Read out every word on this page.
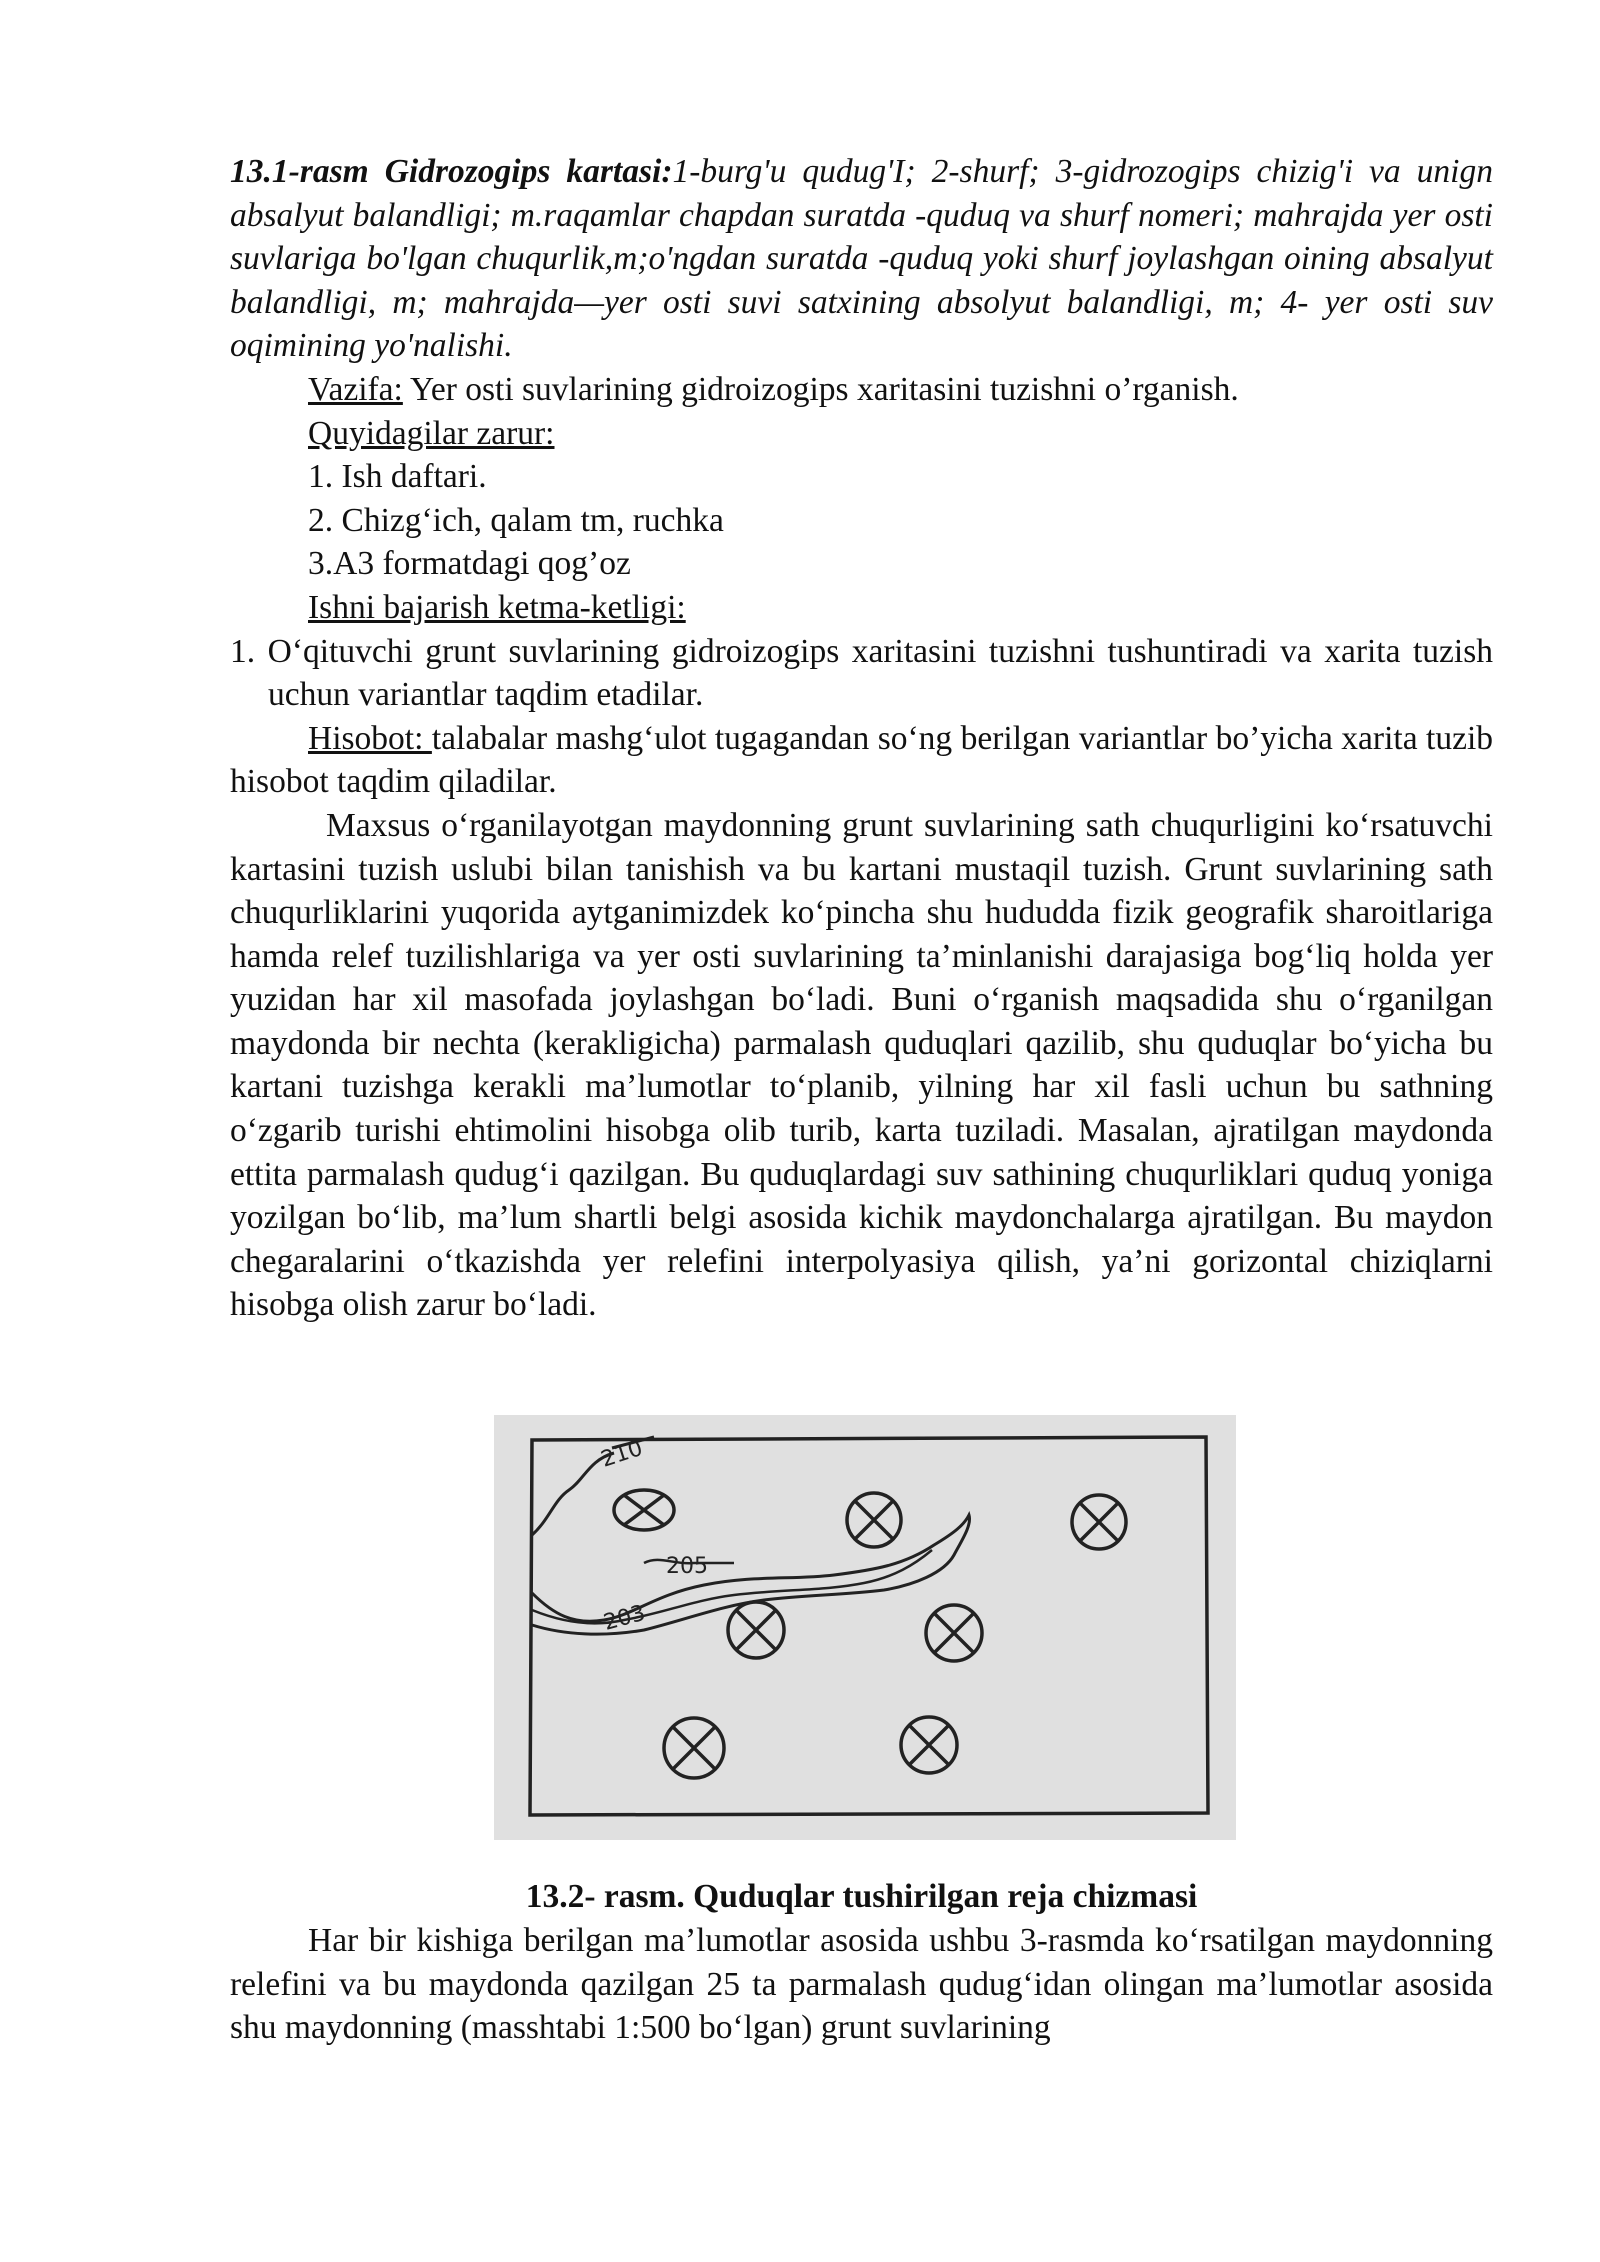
13.1-rasm Gidrozogips kartasi:1-burg'u qudug'I; 2-shurf; 3-gidrozogips chizig'i va unign absalyut balandligi; m.raqamlar chapdan suratda -quduq va shurf nomeri; mahrajda yer osti suvlariga bo'lgan chuqurlik,m;o'ngdan suratda -quduq yoki shurf joylashgan oining absalyut balandligi, m; mahrajda—yer osti suvi satxining absolyut balandligi, m; 4- yer osti suv oqimining yo'nalishi.

Vazifa: Yer osti suvlarining gidroizogips xaritasini tuzishni o’rganish.

Quyidagilar zarur:

1. Ish daftari.

2. Chizg‘ich, qalam tm, ruchka

3.A3 formatdagi qog’oz

Ishni bajarish ketma-ketligi:

1. O‘qituvchi grunt suvlarining gidroizogips xaritasini tuzishni tushuntiradi va xarita tuzish uchun variantlar taqdim etadilar.

Hisobot: talabalar mashg‘ulot tugagandan so‘ng berilgan variantlar bo’yicha xarita tuzib hisobot taqdim qiladilar.

Maxsus o‘rganilayotgan maydonning grunt suvlarining sath chuqurligini ko‘rsatuvchi kartasini tuzish uslubi bilan tanishish va bu kartani mustaqil tuzish. Grunt suvlarining sath chuqurliklarini yuqorida aytganimizdek ko‘pincha shu hududda fizik geografik sharoitlariga hamda relef tuzilishlariga va yer osti suvlarining ta’minlanishi darajasiga bog‘liq holda yer yuzidan har xil masofada joylashgan bo‘ladi. Buni o‘rganish maqsadida shu o‘rganilgan maydonda bir nechta (kerakligicha) parmalash quduqlari qazilib, shu quduqlar bo‘yicha bu kartani tuzishga kerakli ma’lumotlar to‘planib, yilning har xil fasli uchun bu sathning o‘zgarib turishi ehtimolini hisobga olib turib, karta tuziladi. Masalan, ajratilgan maydonda ettita parmalash qudug‘i qazilgan. Bu quduqlardagi suv sathining chuqurliklari quduq yoniga yozilgan bo‘lib, ma’lum shartli belgi asosida kichik maydonchalarga ajratilgan. Bu maydon chegaralarini o‘tkazishda yer relefini interpolyasiya qilish, ya’ni gorizontal chiziqlarni hisobga olish zarur bo‘ladi.

210
205
203

13.2- rasm. Quduqlar tushirilgan reja chizmasi

Har bir kishiga berilgan ma’lumotlar asosida ushbu 3-rasmda ko‘rsatilgan maydonning relefini va bu maydonda qazilgan 25 ta parmalash qudug‘idan olingan ma’lumotlar asosida shu maydonning (masshtabi 1:500 bo‘lgan) grunt suvlarining
